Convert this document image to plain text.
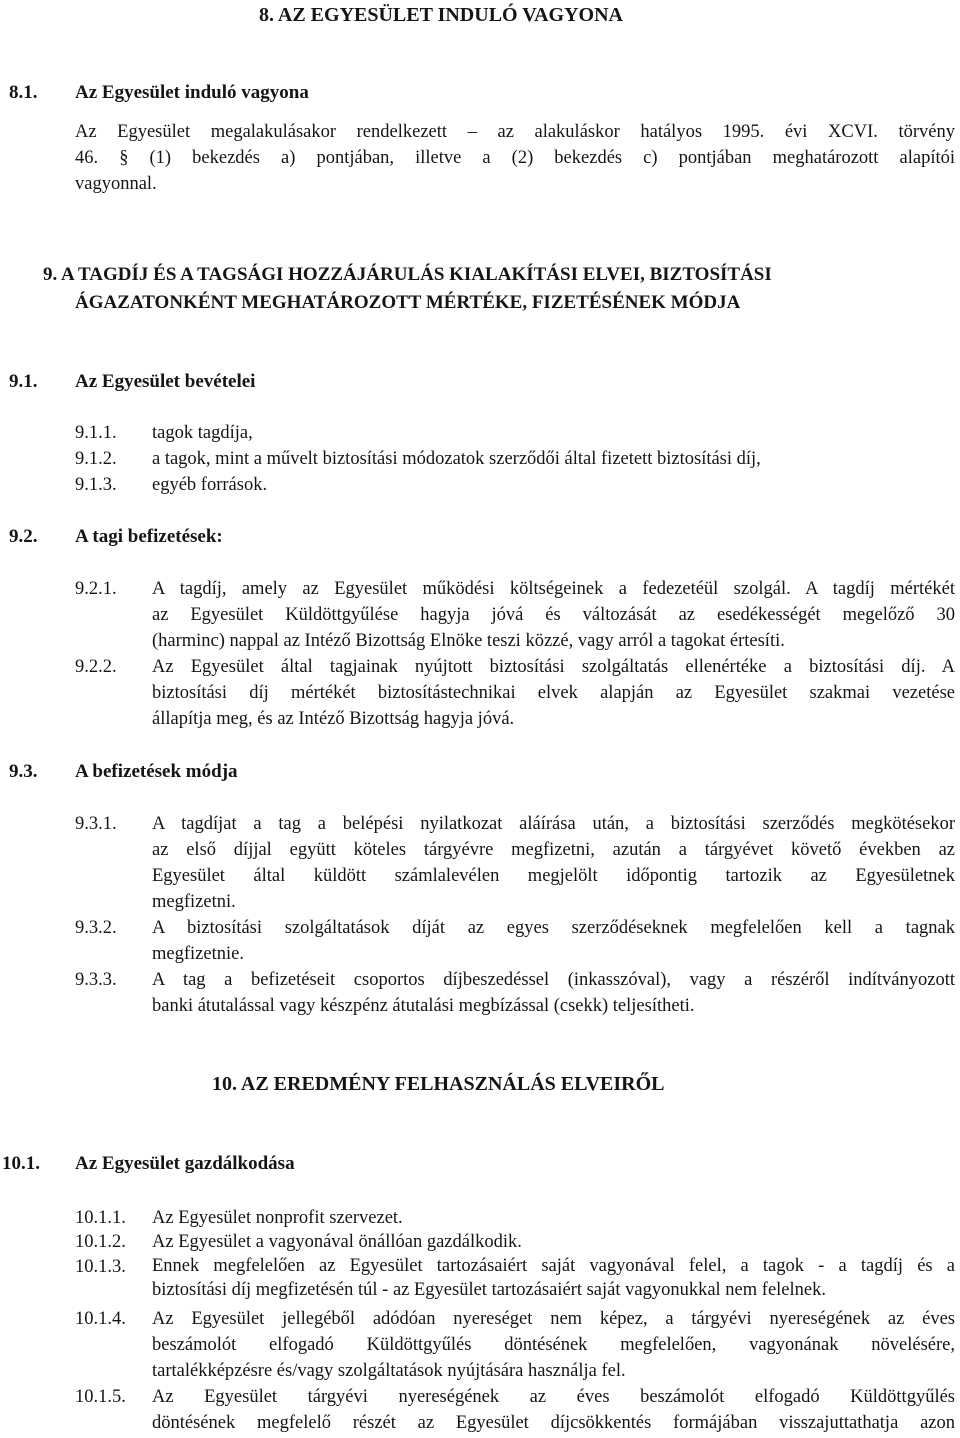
8. AZ EGYESÜLET INDULÓ VAGYONA
8.1. Az Egyesület induló vagyona
Az Egyesület megalakulásakor rendelkezett – az alakuláskor hatályos 1995. évi XCVI. törvény
46. § (1) bekezdés a) pontjában, illetve a (2) bekezdés c) pontjában meghatározott alapítói
vagyonnal.
9. A TAGDÍJ ÉS A TAGSÁGI HOZZÁJÁRULÁS KIALAKÍTÁSI ELVEI, BIZTOSÍTÁSI
ÁGAZATONKÉNT MEGHATÁROZOTT MÉRTÉKE, FIZETÉSÉNEK MÓDJA
9.1. Az Egyesület bevételei
9.1.1. tagok tagdíja,
9.1.2. a tagok, mint a művelt biztosítási módozatok szerződői által fizetett biztosítási díj,
9.1.3. egyéb források.
9.2. A tagi befizetések:
9.2.1. A tagdíj, amely az Egyesület működési költségeinek a fedezetéül szolgál. A tagdíj mértékét
az Egyesület Küldöttgyűlése hagyja jóvá és változását az esedékességét megelőző 30
(harminc) nappal az Intéző Bizottság Elnöke teszi közzé, vagy arról a tagokat értesíti.
9.2.2. Az Egyesület által tagjainak nyújtott biztosítási szolgáltatás ellenértéke a biztosítási díj. A
biztosítási díj mértékét biztosítástechnikai elvek alapján az Egyesület szakmai vezetése
állapítja meg, és az Intéző Bizottság hagyja jóvá.
9.3. A befizetések módja
9.3.1. A tagdíjat a tag a belépési nyilatkozat aláírása után, a biztosítási szerződés megkötésekor
az első díjjal együtt köteles tárgyévre megfizetni, azután a tárgyévet követő években az
Egyesület által küldött számlalevélen megjelölt időpontig tartozik az Egyesületnek
megfizetni.
9.3.2. A biztosítási szolgáltatások díját az egyes szerződéseknek megfelelően kell a tagnak
megfizetnie.
9.3.3. A tag a befizetéseit csoportos díjbeszedéssel (inkasszóval), vagy a részéről indítványozott
banki átutalással vagy készpénz átutalási megbízással (csekk) teljesítheti.
10. AZ EREDMÉNY FELHASZNÁLÁS ELVEIRŐL
10.1. Az Egyesület gazdálkodása
10.1.1. Az Egyesület nonprofit szervezet.
10.1.2. Az Egyesület a vagyonával önállóan gazdálkodik.
10.1.3. Ennek megfelelően az Egyesület tartozásaiért saját vagyonával felel, a tagok - a tagdíj és a
biztosítási díj megfizetésén túl - az Egyesület tartozásaiért saját vagyonukkal nem felelnek.
10.1.4. Az Egyesület jellegéből adódóan nyereséget nem képez, a tárgyévi nyereségének az éves
beszámolót elfogadó Küldöttgyűlés döntésének megfelelően, vagyonának növelésére,
tartalékképzésre és/vagy szolgáltatások nyújtására használja fel.
10.1.5. Az Egyesület tárgyévi nyereségének az éves beszámolót elfogadó Küldöttgyűlés
döntésének megfelelő részét az Egyesület díjcsökkentés formájában visszajuttathatja azon
